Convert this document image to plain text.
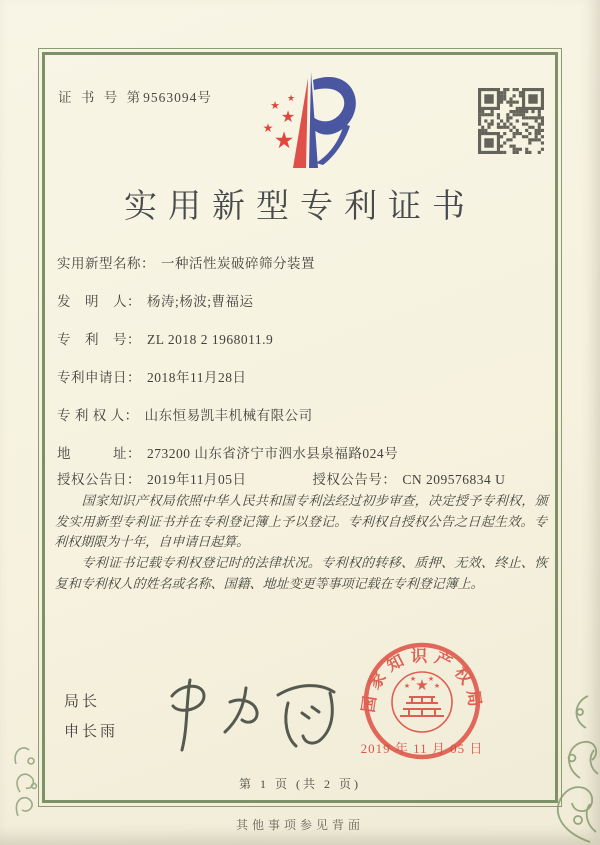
证 书 号 第9563094号
★
★
★
★ ★
实用新型专利证书
实用新型名称： 一种活性炭破碎筛分装置
发　明　人： 杨涛;杨波;曹福运
专　利　号： ZL 2018 2 1968011.9
专利申请日： 2018年11月28日
专 利 权 人： 山东恒易凯丰机械有限公司
地　　　址： 273200 山东省济宁市泗水县泉福路024号
授权公告日： 2019年11月05日	授权公告号： CN 209576834 U

国家知识产权局依照中华人民共和国专利法经过初步审查，决定授予专利权，颁发实用新型专利证书并在专利登记簿上予以登记。专利权自授权公告之日起生效。专利权期限为十年，自申请日起算。

专利证书记载专利权登记时的法律状况。专利权的转移、质押、无效、终止、恢复和专利权人的姓名或名称、国籍、地址变更等事项记载在专利登记簿上。

局长
申长雨
国家知识产权局
★
★
★ ★
★
2019 年 11 月 05 日
第 1 页 (共 2 页)
其他事项参见背面
